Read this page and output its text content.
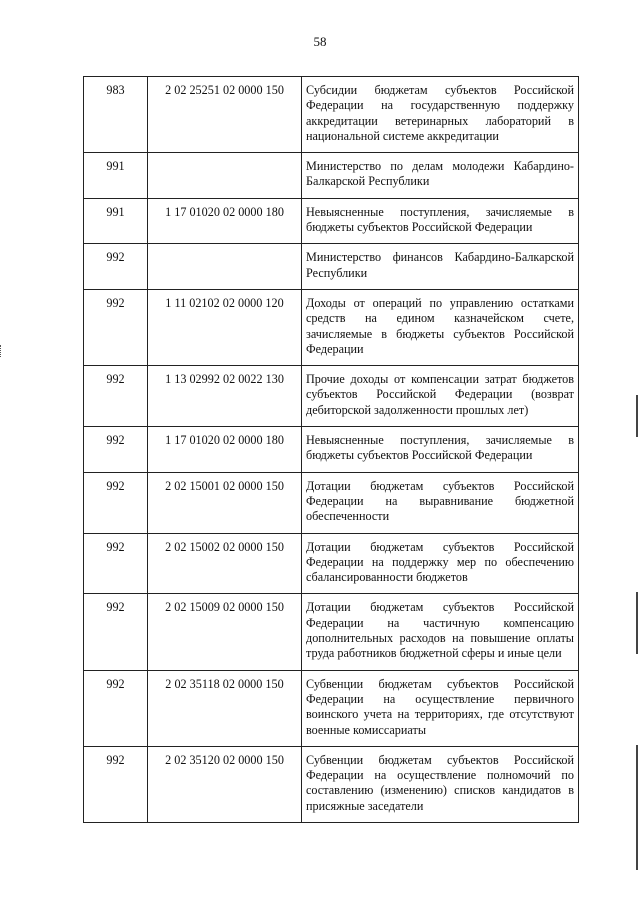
58
983	2 02 25251 02 0000 150	Субсидии бюджетам субъектов Российской Федерации на государственную поддержку аккредитации ветеринарных лабораторий в национальной системе аккредитации
991		Министерство по делам молодежи Кабардино-Балкарской Республики
991	1 17 01020 02 0000 180	Невыясненные поступления, зачисляемые в бюджеты субъектов Российской Федерации
992		Министерство финансов Кабардино-Балкарской Республики
992	1 11 02102 02 0000 120	Доходы от операций по управлению остатками средств на едином казначейском счете, зачисляемые в бюджеты субъектов Российской Федерации
992	1 13 02992 02 0022 130	Прочие доходы от компенсации затрат бюджетов субъектов Российской Федерации (возврат дебиторской задолженности прошлых лет)
992	1 17 01020 02 0000 180	Невыясненные поступления, зачисляемые в бюджеты субъектов Российской Федерации
992	2 02 15001 02 0000 150	Дотации бюджетам субъектов Российской Федерации на выравнивание бюджетной обеспеченности
992	2 02 15002 02 0000 150	Дотации бюджетам субъектов Российской Федерации на поддержку мер по обеспечению сбалансированности бюджетов
992	2 02 15009 02 0000 150	Дотации бюджетам субъектов Российской Федерации на частичную компенсацию дополнительных расходов на повышение оплаты труда работников бюджетной сферы и иные цели
992	2 02 35118 02 0000 150	Субвенции бюджетам субъектов Российской Федерации на осуществление первичного воинского учета на территориях, где отсутствуют военные комиссариаты
992	2 02 35120 02 0000 150	Субвенции бюджетам субъектов Российской Федерации на осуществление полномочий по составлению (изменению) списков кандидатов в присяжные заседатели
